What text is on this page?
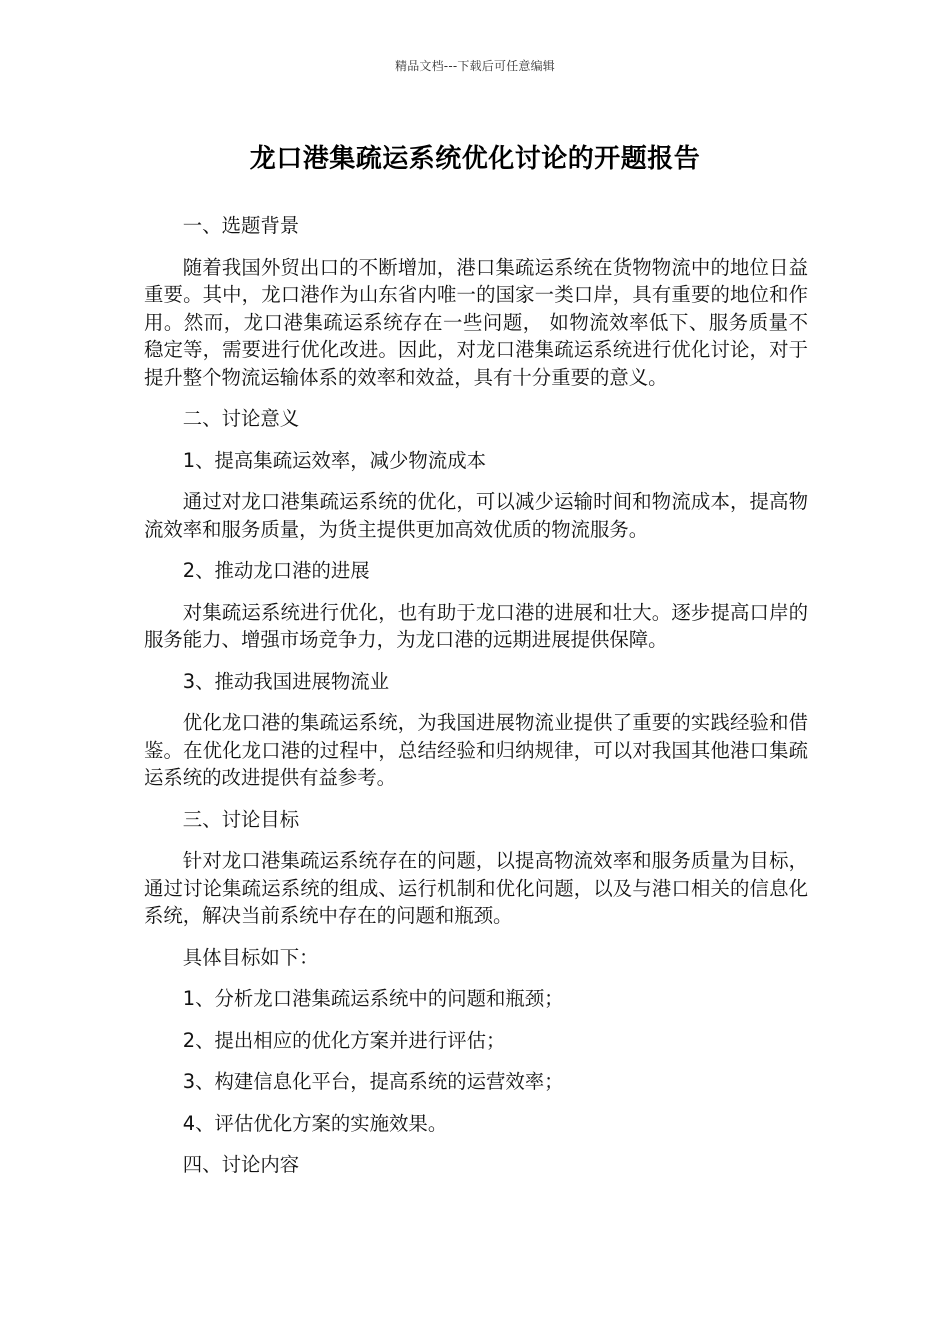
精品文档---下载后可任意编辑
龙口港集疏运系统优化讨论的开题报告

一、选题背景

随着我国外贸出口的不断增加，港口集疏运系统在货物物流中的地位日益重要。其中，龙口港作为山东省内唯一的国家一类口岸，具有重要的地位和作用。然而，龙口港集疏运系统存在一些问题， 如物流效率低下、服务质量不稳定等，需要进行优化改进。因此，对龙口港集疏运系统进行优化讨论，对于提升整个物流运输体系的效率和效益，具有十分重要的意义。

二、讨论意义

1、提高集疏运效率，减少物流成本

通过对龙口港集疏运系统的优化，可以减少运输时间和物流成本，提高物流效率和服务质量，为货主提供更加高效优质的物流服务。

2、推动龙口港的进展

对集疏运系统进行优化，也有助于龙口港的进展和壮大。逐步提高口岸的服务能力、增强市场竞争力，为龙口港的远期进展提供保障。

3、推动我国进展物流业

优化龙口港的集疏运系统，为我国进展物流业提供了重要的实践经验和借鉴。在优化龙口港的过程中，总结经验和归纳规律，可以对我国其他港口集疏运系统的改进提供有益参考。

三、讨论目标

针对龙口港集疏运系统存在的问题，以提高物流效率和服务质量为目标，通过讨论集疏运系统的组成、运行机制和优化问题，以及与港口相关的信息化系统，解决当前系统中存在的问题和瓶颈。

具体目标如下：

1、分析龙口港集疏运系统中的问题和瓶颈；

2、提出相应的优化方案并进行评估；

3、构建信息化平台，提高系统的运营效率；

4、评估优化方案的实施效果。

四、讨论内容
